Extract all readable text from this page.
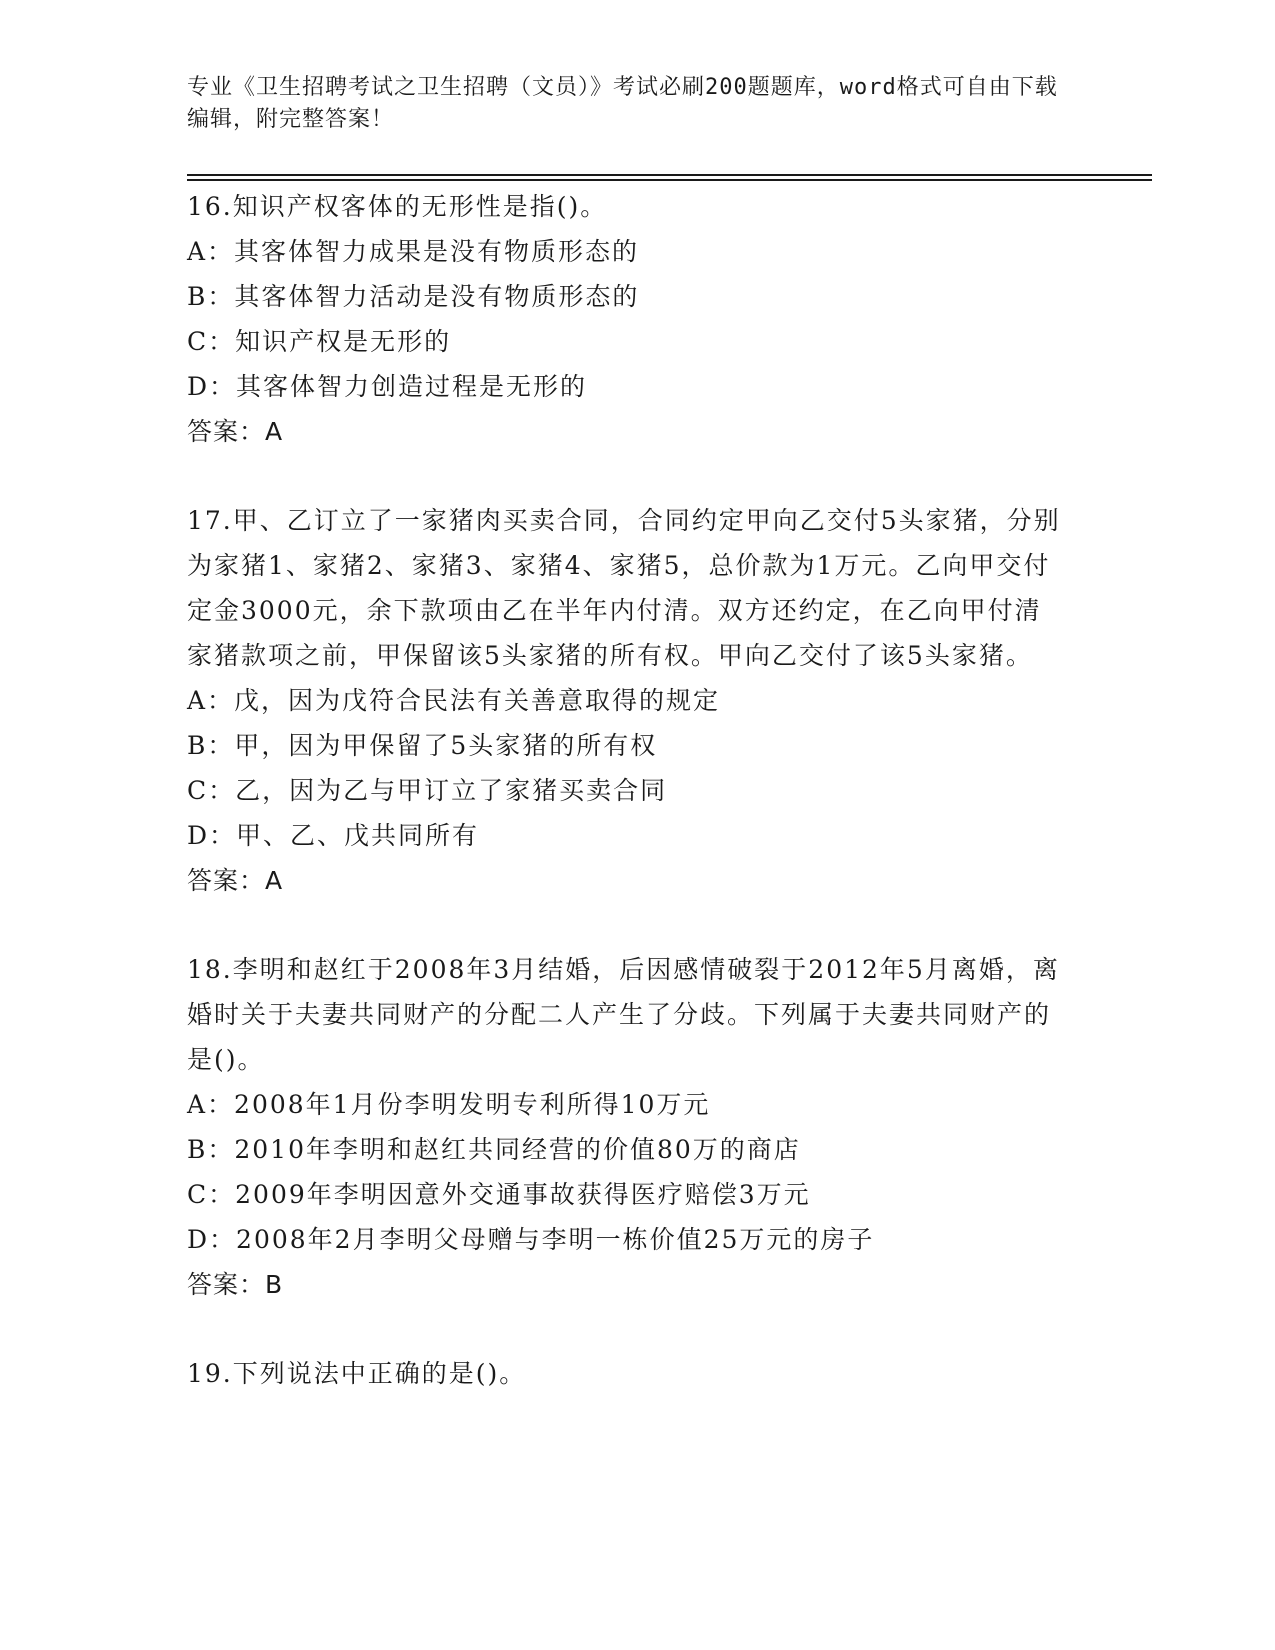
专业《卫生招聘考试之卫生招聘（文员）》考试必刷200题题库，word格式可自由下载编辑，附完整答案！
16.知识产权客体的无形性是指()。
A：其客体智力成果是没有物质形态的
B：其客体智力活动是没有物质形态的
C：知识产权是无形的
D：其客体智力创造过程是无形的
答案：A
17.甲、乙订立了一家猪肉买卖合同，合同约定甲向乙交付5头家猪，分别为家猪1、家猪2、家猪3、家猪4、家猪5，总价款为1万元。乙向甲交付定金3000元，余下款项由乙在半年内付清。双方还约定，在乙向甲付清家猪款项之前，甲保留该5头家猪的所有权。甲向乙交付了该5头家猪。
A：戊，因为戊符合民法有关善意取得的规定
B：甲，因为甲保留了5头家猪的所有权
C：乙，因为乙与甲订立了家猪买卖合同
D：甲、乙、戊共同所有
答案：A
18.李明和赵红于2008年3月结婚，后因感情破裂于2012年5月离婚，离婚时关于夫妻共同财产的分配二人产生了分歧。下列属于夫妻共同财产的是()。
A：2008年1月份李明发明专利所得10万元
B：2010年李明和赵红共同经营的价值80万的商店
C：2009年李明因意外交通事故获得医疗赔偿3万元
D：2008年2月李明父母赠与李明一栋价值25万元的房子
答案：B
19.下列说法中正确的是()。
